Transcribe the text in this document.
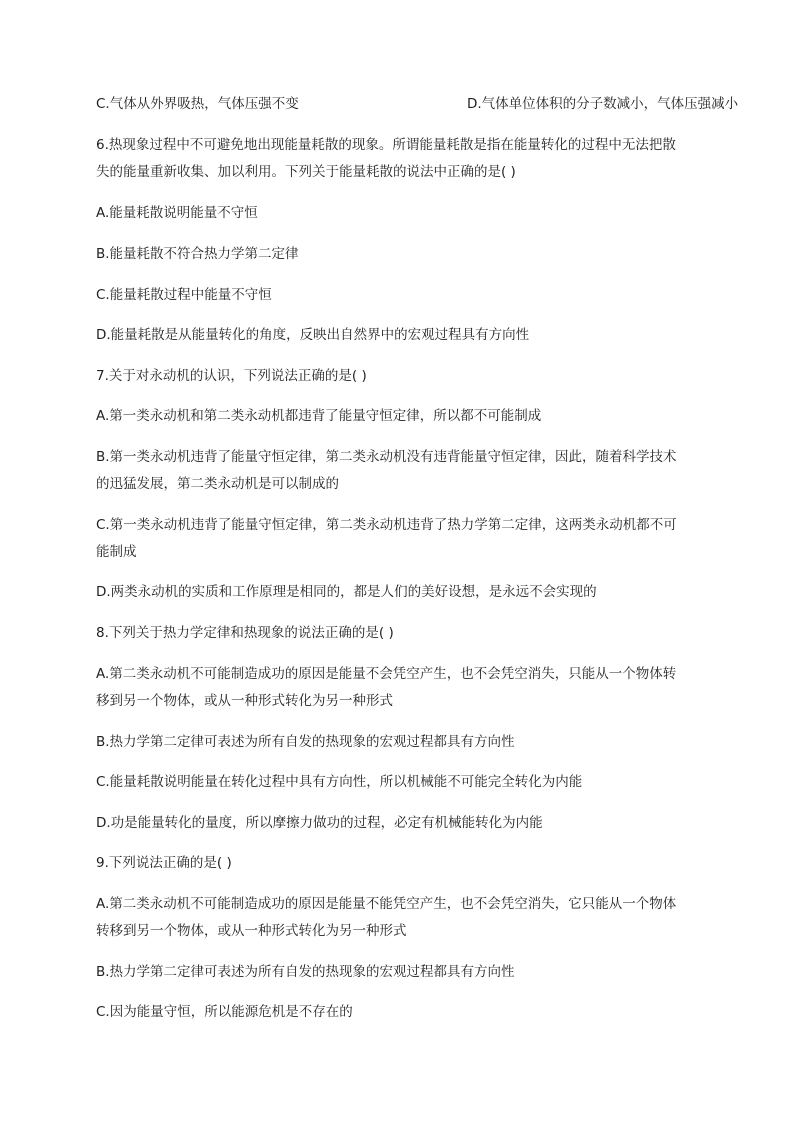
C.气体从外界吸热，气体压强不变	D.气体单位体积的分子数减小，气体压强减小
6.热现象过程中不可避免地出现能量耗散的现象。所谓能量耗散是指在能量转化的过程中无法把散
失的能量重新收集、加以利用。下列关于能量耗散的说法中正确的是( )
A.能量耗散说明能量不守恒
B.能量耗散不符合热力学第二定律
C.能量耗散过程中能量不守恒
D.能量耗散是从能量转化的角度，反映出自然界中的宏观过程具有方向性
7.关于对永动机的认识，下列说法正确的是( )
A.第一类永动机和第二类永动机都违背了能量守恒定律，所以都不可能制成
B.第一类永动机违背了能量守恒定律，第二类永动机没有违背能量守恒定律，因此，随着科学技术
的迅猛发展，第二类永动机是可以制成的
C.第一类永动机违背了能量守恒定律，第二类永动机违背了热力学第二定律，这两类永动机都不可
能制成
D.两类永动机的实质和工作原理是相同的，都是人们的美好设想，是永远不会实现的
8.下列关于热力学定律和热现象的说法正确的是( )
A.第二类永动机不可能制造成功的原因是能量不会凭空产生，也不会凭空消失，只能从一个物体转
移到另一个物体，或从一种形式转化为另一种形式
B.热力学第二定律可表述为所有自发的热现象的宏观过程都具有方向性
C.能量耗散说明能量在转化过程中具有方向性，所以机械能不可能完全转化为内能
D.功是能量转化的量度，所以摩擦力做功的过程，必定有机械能转化为内能
9.下列说法正确的是( )
A.第二类永动机不可能制造成功的原因是能量不能凭空产生，也不会凭空消失，它只能从一个物体
转移到另一个物体，或从一种形式转化为另一种形式
B.热力学第二定律可表述为所有自发的热现象的宏观过程都具有方向性
C.因为能量守恒，所以能源危机是不存在的
